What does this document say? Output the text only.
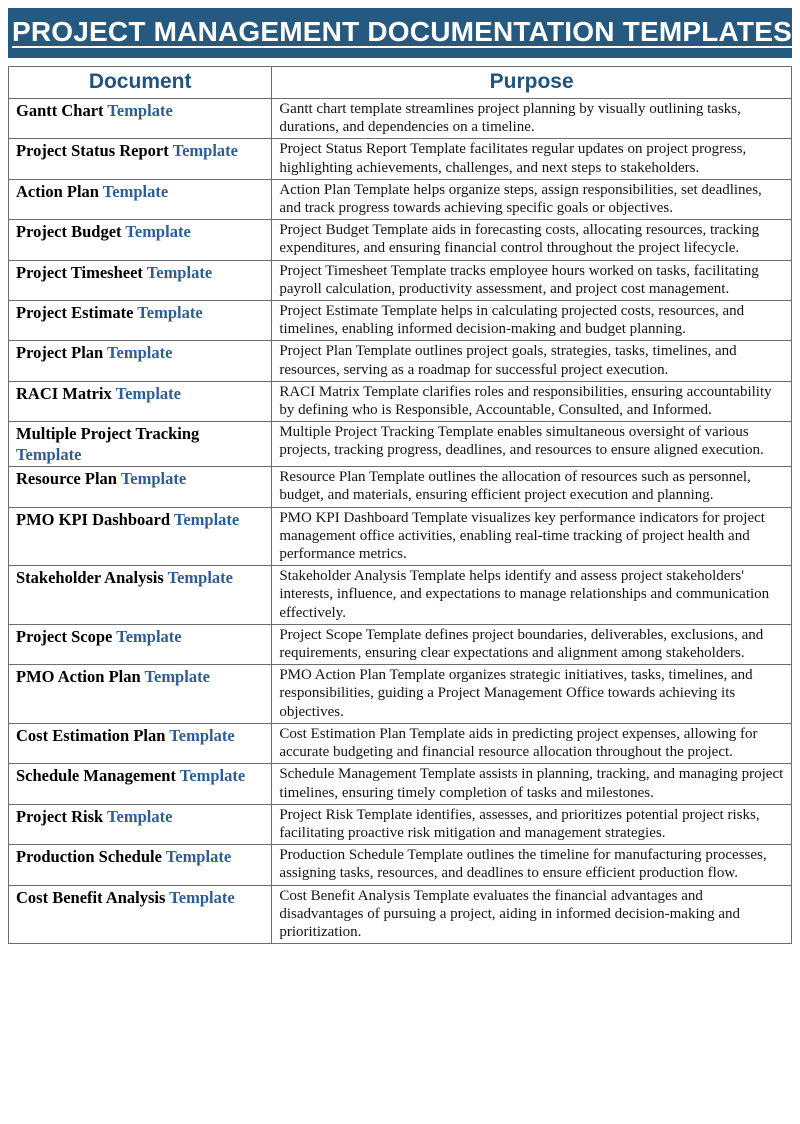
PROJECT MANAGEMENT DOCUMENTATION TEMPLATES
Document	Purpose
Gantt Chart Template	Gantt chart template streamlines project planning by visually outlining tasks, durations, and dependencies on a timeline.
Project Status Report Template	Project Status Report Template facilitates regular updates on project progress, highlighting achievements, challenges, and next steps to stakeholders.
Action Plan Template	Action Plan Template helps organize steps, assign responsibilities, set deadlines, and track progress towards achieving specific goals or objectives.
Project Budget Template	Project Budget Template aids in forecasting costs, allocating resources, tracking expenditures, and ensuring financial control throughout the project lifecycle.
Project Timesheet Template	Project Timesheet Template tracks employee hours worked on tasks, facilitating payroll calculation, productivity assessment, and project cost management.
Project Estimate Template	Project Estimate Template helps in calculating projected costs, resources, and timelines, enabling informed decision-making and budget planning.
Project Plan Template	Project Plan Template outlines project goals, strategies, tasks, timelines, and resources, serving as a roadmap for successful project execution.
RACI Matrix Template	RACI Matrix Template clarifies roles and responsibilities, ensuring accountability by defining who is Responsible, Accountable, Consulted, and Informed.
Multiple Project Tracking Template	Multiple Project Tracking Template enables simultaneous oversight of various projects, tracking progress, deadlines, and resources to ensure aligned execution.
Resource Plan Template	Resource Plan Template outlines the allocation of resources such as personnel, budget, and materials, ensuring efficient project execution and planning.
PMO KPI Dashboard Template	PMO KPI Dashboard Template visualizes key performance indicators for project management office activities, enabling real-time tracking of project health and performance metrics.
Stakeholder Analysis Template	Stakeholder Analysis Template helps identify and assess project stakeholders' interests, influence, and expectations to manage relationships and communication effectively.
Project Scope Template	Project Scope Template defines project boundaries, deliverables, exclusions, and requirements, ensuring clear expectations and alignment among stakeholders.
PMO Action Plan Template	PMO Action Plan Template organizes strategic initiatives, tasks, timelines, and responsibilities, guiding a Project Management Office towards achieving its objectives.
Cost Estimation Plan Template	Cost Estimation Plan Template aids in predicting project expenses, allowing for accurate budgeting and financial resource allocation throughout the project.
Schedule Management Template	Schedule Management Template assists in planning, tracking, and managing project timelines, ensuring timely completion of tasks and milestones.
Project Risk Template	Project Risk Template identifies, assesses, and prioritizes potential project risks, facilitating proactive risk mitigation and management strategies.
Production Schedule Template	Production Schedule Template outlines the timeline for manufacturing processes, assigning tasks, resources, and deadlines to ensure efficient production flow.
Cost Benefit Analysis Template	Cost Benefit Analysis Template evaluates the financial advantages and disadvantages of pursuing a project, aiding in informed decision-making and prioritization.
